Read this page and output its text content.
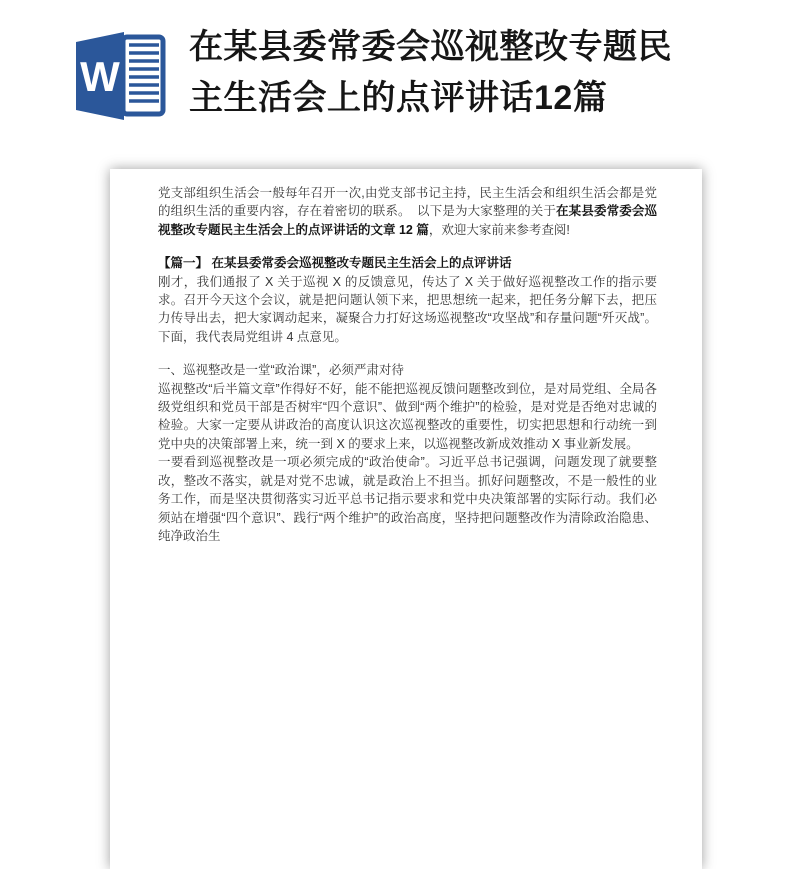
W
在某县委常委会巡视整改专题民主生活会上的点评讲话12篇

党支部组织生活会一般每年召开一次,由党支部书记主持，民主生活会和组织生活会都是党的组织生活的重要内容，存在着密切的联系。　以下是为大家整理的关于在某县委常委会巡视整改专题民主生活会上的点评讲话的文章 12 篇，欢迎大家前来参考查阅!

【篇一】 在某县委常委会巡视整改专题民主生活会上的点评讲话

刚才，我们通报了 X 关于巡视 X 的反馈意见，传达了 X 关于做好巡视整改工作的指示要求。召开今天这个会议，就是把问题认领下来，把思想统一起来，把任务分解下去，把压力传导出去，把大家调动起来，凝聚合力打好这场巡视整改“攻坚战”和存量问题“歼灭战”。下面，我代表局党组讲 4 点意见。

一、巡视整改是一堂“政治课”，必须严肃对待

巡视整改“后半篇文章”作得好不好，能不能把巡视反馈问题整改到位，是对局党组、全局各级党组织和党员干部是否树牢“四个意识”、做到“两个维护”的检验，是对党是否绝对忠诚的检验。大家一定要从讲政治的高度认识这次巡视整改的重要性，切实把思想和行动统一到党中央的决策部署上来，统一到 X 的要求上来，以巡视整改新成效推动 X 事业新发展。

一要看到巡视整改是一项必须完成的“政治使命”。习近平总书记强调，问题发现了就要整改，整改不落实，就是对党不忠诚，就是政治上不担当。抓好问题整改，不是一般性的业务工作，而是坚决贯彻落实习近平总书记指示要求和党中央决策部署的实际行动。我们必须站在增强“四个意识”、践行“两个维护”的政治高度，坚持把问题整改作为清除政治隐患、纯净政治生
